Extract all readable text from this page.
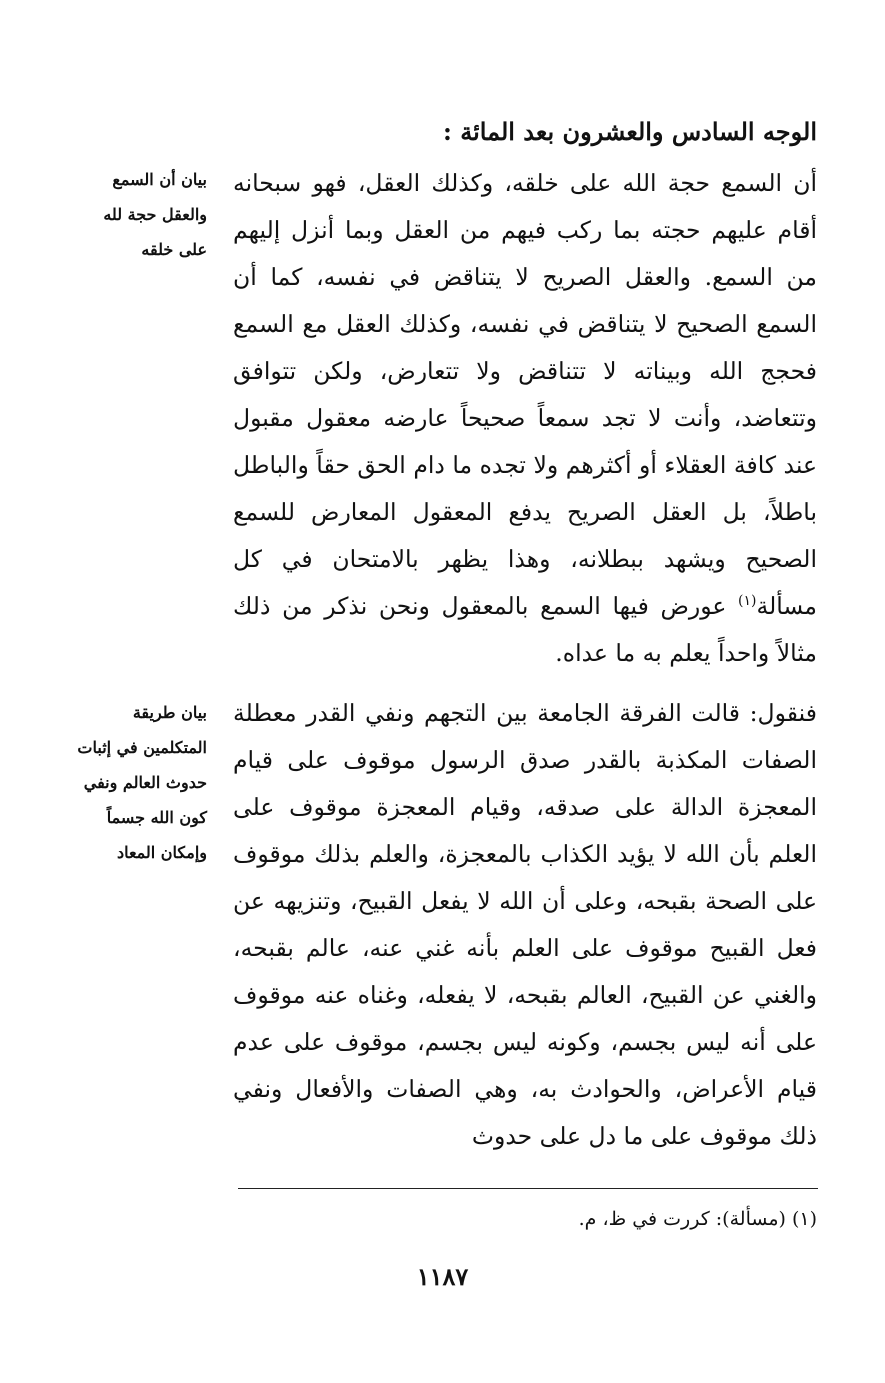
الوجه السادس والعشرون بعد المائة :

أن السمع حجة الله على خلقه، وكذلك العقل، فهو سبحانه أقام عليهم حجته بما ركب فيهم من العقل وبما أنزل إليهم من السمع. والعقل الصريح لا يتناقض في نفسه، كما أن السمع الصحيح لا يتناقض في نفسه، وكذلك العقل مع السمع فحجج الله وبيناته لا تتناقض ولا تتعارض، ولكن تتوافق وتتعاضد، وأنت لا تجد سمعاً صحيحاً عارضه معقول مقبول عند كافة العقلاء أو أكثرهم ولا تجده ما دام الحق حقاً والباطل باطلاً، بل العقل الصريح يدفع المعقول المعارض للسمع الصحيح ويشهد ببطلانه، وهذا يظهر بالامتحان في كل مسألة$^{(١)}$ عورض فيها السمع بالمعقول ونحن نذكر من ذلك مثالاً واحداً يعلم به ما عداه.

فنقول: قالت الفرقة الجامعة بين التجهم ونفي القدر معطلة الصفات المكذبة بالقدر صدق الرسول موقوف على قيام المعجزة الدالة على صدقه، وقيام المعجزة موقوف على العلم بأن الله لا يؤيد الكذاب بالمعجزة، والعلم بذلك موقوف على الصحة بقبحه، وعلى أن الله لا يفعل القبيح، وتنزيهه عن فعل القبيح موقوف على العلم بأنه غني عنه، عالم بقبحه، والغني عن القبيح، العالم بقبحه، لا يفعله، وغناه عنه موقوف على أنه ليس بجسم، وكونه ليس بجسم، موقوف على عدم قيام الأعراض، والحوادث به، وهي الصفات والأفعال ونفي ذلك موقوف على ما دل على حدوث

بيان أن السمع والعقل حجة لله على خلقه
بيان طريقة المتكلمين في إثبات حدوث العالم ونفي كون الله جسماً وإمكان المعاد
(١) (مسألة): كررت في ظ، م.
١١٨٧
